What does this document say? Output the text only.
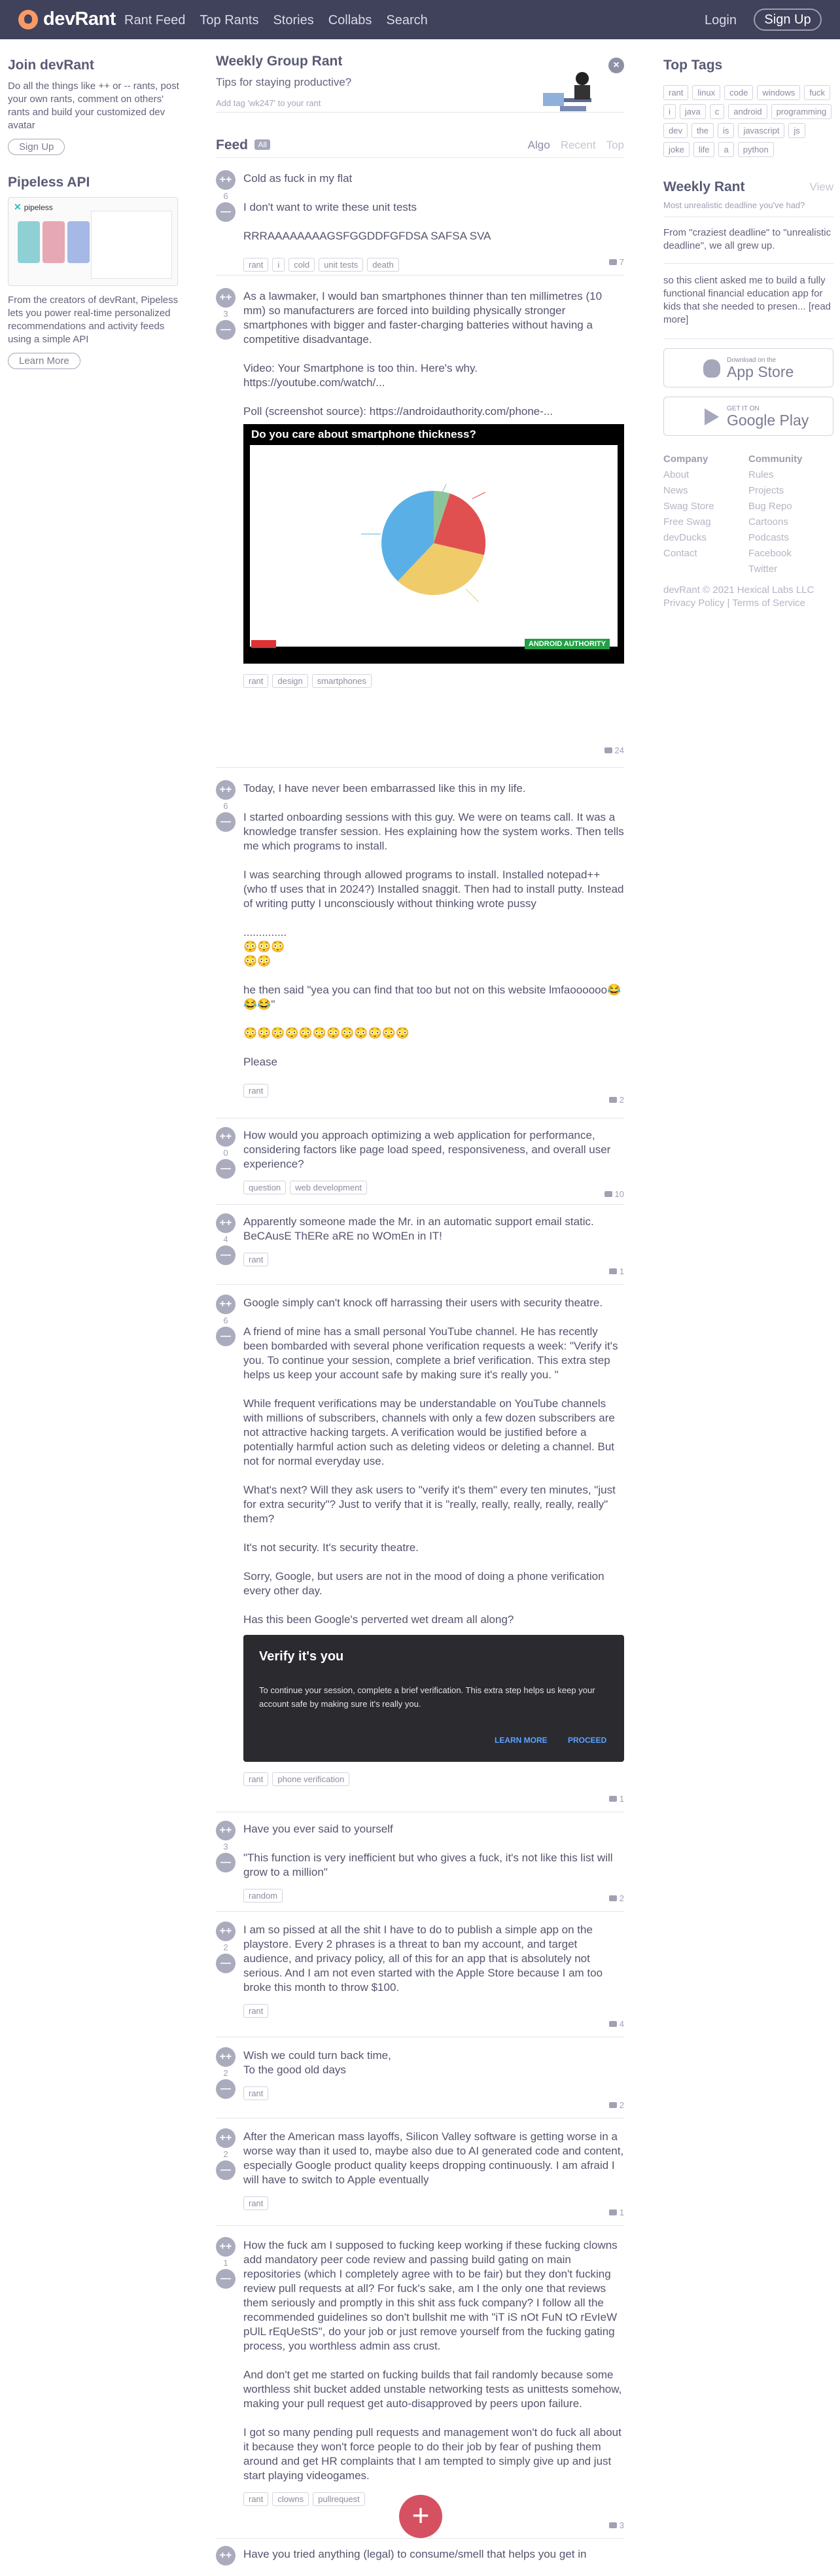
devRant Rant Feed Top Rants Stories Collabs Search	Login	Sign Up
Join devRant

Do all the things like ++ or -- rants, post your own rants, comment on others' rants and build your customized dev avatar

Sign Up
Pipeless API
✕ pipeless

From the creators of devRant, Pipeless lets you power real-time personalized recommendations and activity feeds using a simple API

Learn More
Weekly Group Rant
Tips for staying productive?
Add tag 'wk247' to your rant
×
Feed All	Algo Recent Top
++
6
—
Cold as fuck in my flat
I don't want to write these unit tests
RRRAAAAAAAAGSFGGDDFGFDSA SAFSA SVA
rant	i	cold	unit tests	death	7
++
3
—
As a lawmaker, I would ban smartphones thinner than ten millimetres (10 mm) so manufacturers are forced into building physically stronger smartphones with bigger and faster-charging batteries without having a competitive disadvantage.
Video: Your Smartphone is too thin. Here's why.
https://youtube.com/watch/...
Poll (screenshot source): https://androidauthority.com/phone-...
Do you care about smartphone thickness?
ANDROID AUTHORITY
rant	design	smartphones
24
++
6
—
Today, I have never been embarrassed like this in my life.
I started onboarding sessions with this guy. We were on teams call. It was a knowledge transfer session. Hes explaining how the system works. Then tells me which programs to install.
I was searching through allowed programs to install. Installed notepad++ (who tf uses that in 2024?) Installed snaggit. Then had to install putty. Instead of writing putty I unconsciously without thinking wrote pussy
..............
😳😳😳
😳😳
he then said "yea you can find that too but not on this website lmfaoooooo😂😂😂"
😳😳😳😳😳😳😳😳😳😳😳😳
Please
rant
2
++
0
—
How would you approach optimizing a web application for performance, considering factors like page load speed, responsiveness, and overall user experience?
question	web development
10
++
4
—
Apparently someone made the Mr. in an automatic support email static.
BeCAusE ThERe aRE no WOmEn in IT!
rant
1
++
6
—
Google simply can't knock off harrassing their users with security theatre.
A friend of mine has a small personal YouTube channel. He has recently been bombarded with several phone verification requests a week: "Verify it's you. To continue your session, complete a brief verification. This extra step helps us keep your account safe by making sure it's really you. "
While frequent verifications may be understandable on YouTube channels with millions of subscribers, channels with only a few dozen subscribers are not attractive hacking targets. A verification would be justified before a potentially harmful action such as deleting videos or deleting a channel. But not for normal everyday use.
What's next? Will they ask users to "verify it's them" every ten minutes, "just for extra security"? Just to verify that it is "really, really, really, really, really" them?
It's not security. It's security theatre.
Sorry, Google, but users are not in the mood of doing a phone verification every other day.
Has this been Google's perverted wet dream all along?
Verify it's you
To continue your session, complete a brief verification. This extra step helps us keep your account safe by making sure it's really you.
LEARN MORE	PROCEED
rant	phone verification
1
++
3
—
Have you ever said to yourself
"This function is very inefficient but who gives a fuck, it's not like this list will grow to a million"
random	2
++
2
—
I am so pissed at all the shit I have to do to publish a simple app on the playstore. Every 2 phrases is a threat to ban my account, and target audience, and privacy policy, all of this for an app that is absolutely not serious. And I am not even started with the Apple Store because I am too broke this month to throw $100.
rant
4
++
2
—
Wish we could turn back time,
To the good old days
rant
2
++
2
—
After the American mass layoffs, Silicon Valley software is getting worse in a worse way than it used to, maybe also due to AI generated code and content, especially Google product quality keeps dropping continuously. I am afraid I will have to switch to Apple eventually
rant
1
++
1
—
How the fuck am I supposed to fucking keep working if these fucking clowns add mandatory peer code review and passing build gating on main repositories (which I completely agree with to be fair) but they don't fucking review pull requests at all? For fuck's sake, am I the only one that reviews them seriously and promptly in this shit ass fuck company? I follow all the recommended guidelines so don't bullshit me with "iT iS nOt FuN tO rEvIeW pUlL rEqUeStS", do your job or just remove yourself from the fucking gating process, you worthless admin ass crust.
And don't get me started on fucking builds that fail randomly because some worthless shit bucket added unstable networking tests as unittests somehow, making your pull request get auto-disapproved by peers upon failure.
I got so many pending pull requests and management won't do fuck all about it because they won't force people to do their job by fear of pushing them around and get HR complaints that I am tempted to simply give up and just start playing videogames.
rant	clowns	pullrequest
3
++	Have you tried anything (legal) to consume/smell that helps you get in
+
Top Tags
rant	linux	code	windows	fuck
i	java	c	android	programming
dev	the	is	javascript	js
joke	life	a	python
Weekly Rant	View
Most unrealistic deadline you've had?
From "craziest deadline" to "unrealistic deadline", we all grew up.
so this client asked me to build a fully functional financial education app for kids that she needed to presen... [read more]
Download on the
App Store
GET IT ON
Google Play
Company
About
News
Swag Store
Free Swag
devDucks
Contact
Community
Rules
Projects
Bug Repo
Cartoons
Podcasts
Facebook
Twitter
devRant © 2021 Hexical Labs LLC
Privacy Policy | Terms of Service
